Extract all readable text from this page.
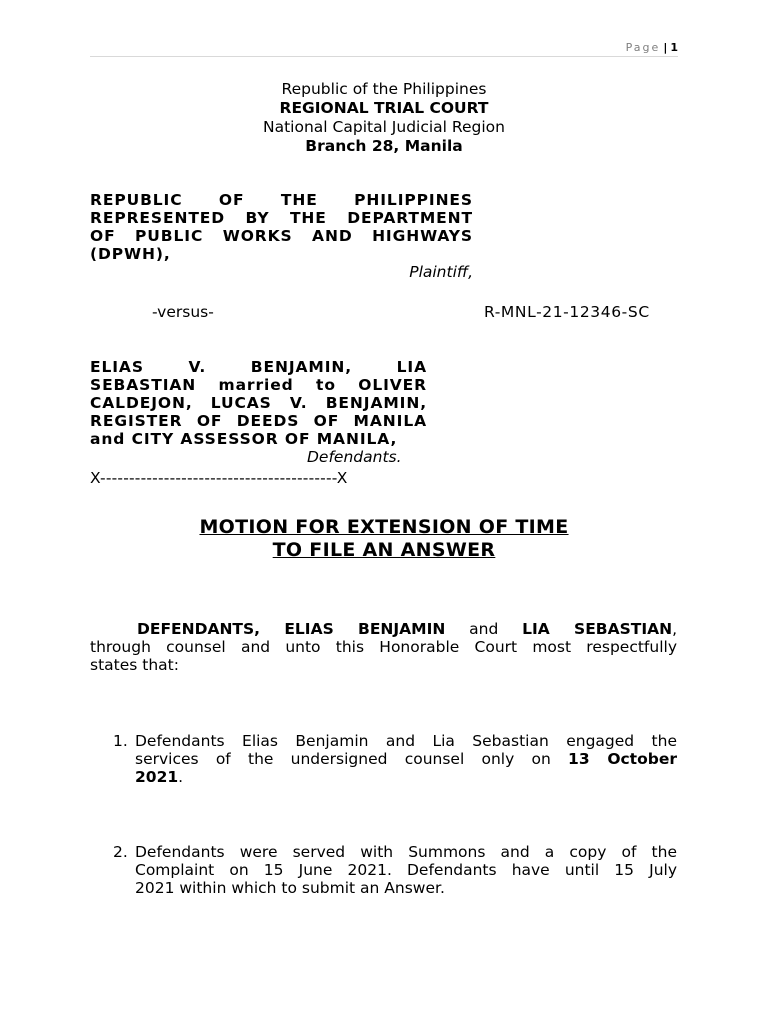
Page | 1
Republic of the Philippines
REGIONAL TRIAL COURT
National Capital Judicial Region
Branch 28, Manila
REPUBLIC OF THE PHILIPPINES
REPRESENTED BY THE DEPARTMENT
OF PUBLIC WORKS AND HIGHWAYS
(DPWH),
Plaintiff,
-versus-	R-MNL-21-12346-SC
ELIAS V. BENJAMIN, LIA
SEBASTIAN married to OLIVER
CALDEJON, LUCAS V. BENJAMIN,
REGISTER OF DEEDS OF MANILA
and CITY ASSESSOR OF MANILA,
Defendants.
X-----------------------------------------X
MOTION FOR EXTENSION OF TIME
TO FILE AN ANSWER
DEFENDANTS, ELIAS BENJAMIN and LIA SEBASTIAN,
through counsel and unto this Honorable Court most respectfully
states that:
1. Defendants Elias Benjamin and Lia Sebastian engaged the
services of the undersigned counsel only on 13 October
2021.
2. Defendants were served with Summons and a copy of the
Complaint on 15 June 2021. Defendants have until 15 July
2021 within which to submit an Answer.
